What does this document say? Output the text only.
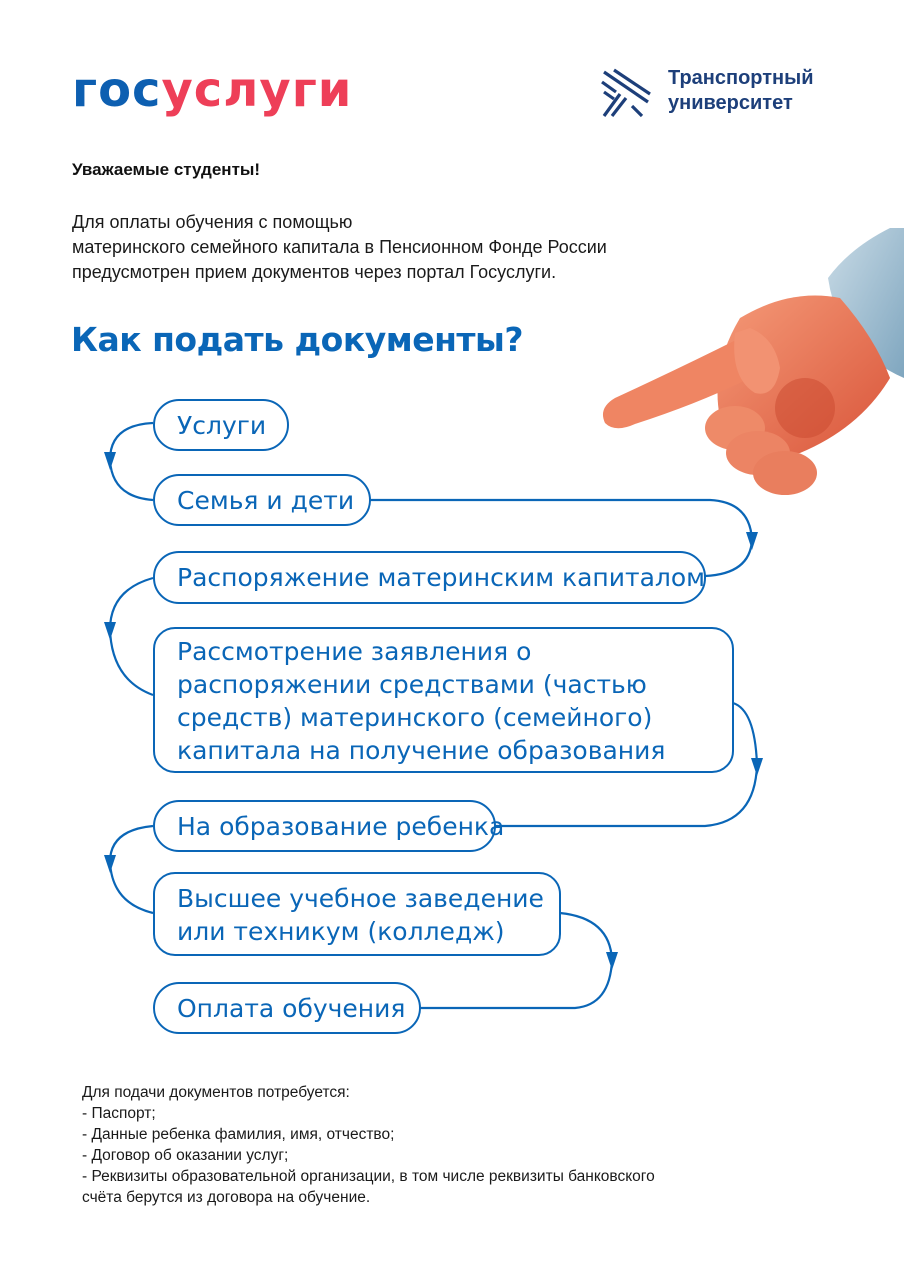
госуслуги	Транспортный
университет
Уважаемые студенты!
Для оплаты обучения с помощью
материнского семейного капитала в Пенсионном Фонде России
предусмотрен прием документов через портал Госуслуги.
Как подать документы?
Услуги
Семья и дети
Распоряжение материнским капиталом
Рассмотрение заявления о
распоряжении средствами (частью
средств) материнского (семейного)
капитала на получение образования
На образование ребенка
Высшее учебное заведение
или техникум (колледж)
Оплата обучения
Для подачи документов потребуется:
- Паспорт;
- Данные ребенка фамилия, имя, отчество;
- Договор об оказании услуг;
- Реквизиты образовательной организации, в том числе реквизиты банковского
счёта берутся из договора на обучение.
